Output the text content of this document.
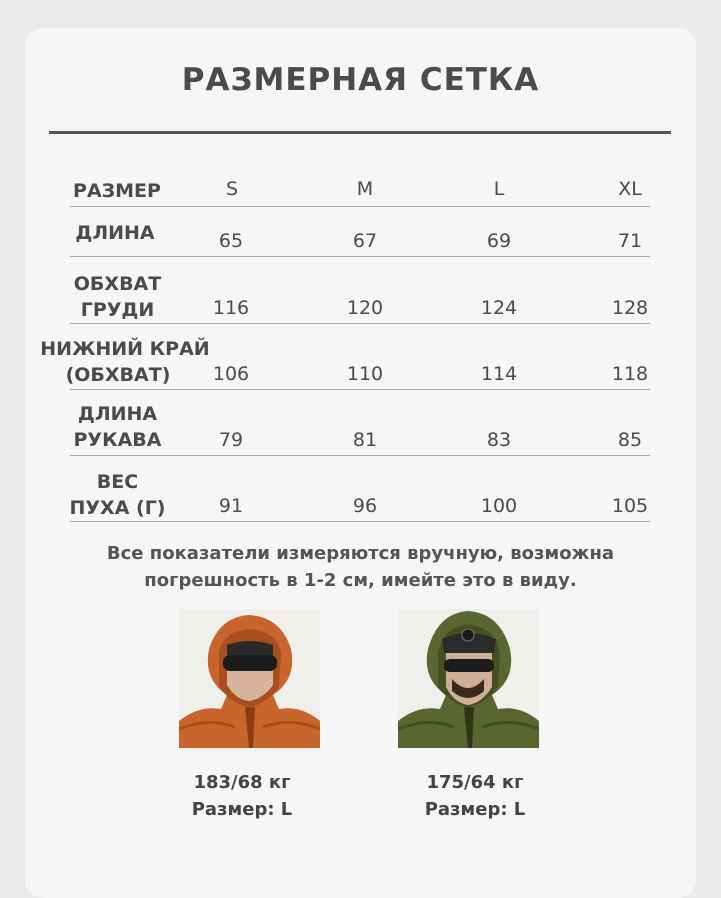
РАЗМЕРНАЯ СЕТКА
РАЗМЕР	S	M	L	XL
ДЛИНА	65	67	69	71
ОБХВАТ
ГРУДИ	116	120	124	128
НИЖНИЙ КРАЙ
(ОБХВАТ)	106	110	114	118
ДЛИНА
РУКАВА	79	81	83	85
ВЕС
ПУХА (Г)	91	96	100	105
Все показатели измеряются вручную, возможна
погрешность в 1-2 см, имейте это в виду.
183/68 кг
Размер: L
175/64 кг
Размер: L
